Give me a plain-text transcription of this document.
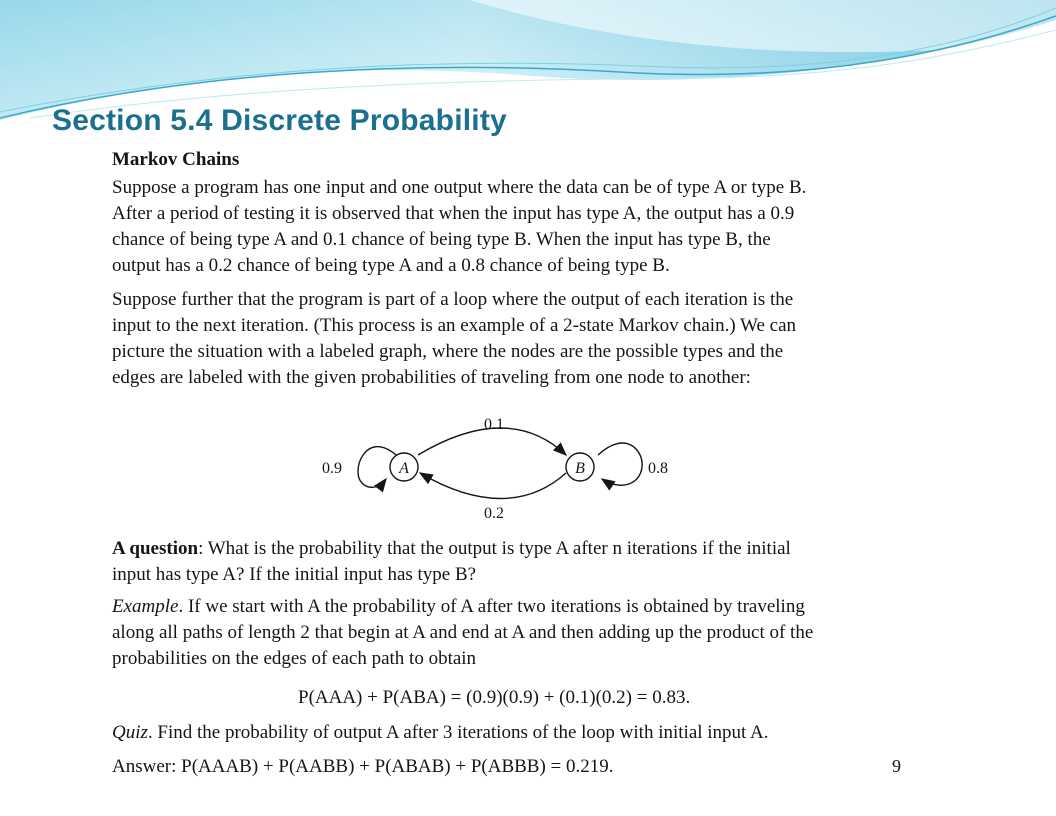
Section 5.4 Discrete Probability
Markov Chains
Suppose a program has one input and one output where the data can be of type A or type B.
After a period of testing it is observed that when the input has type A, the output has a 0.9
chance of being type A and 0.1 chance of being type B. When the input has type B, the
output has a 0.2 chance of being type A and a 0.8 chance of being type B.
Suppose further that the program is part of a loop where the output of each iteration is the
input to the next iteration. (This process is an example of a 2-state Markov chain.) We can
picture the situation with a labeled graph, where the nodes are the possible types and the
edges are labeled with the given probabilities of traveling from one node to another:
A	B
0.1
0.2
0.9	0.8
A question: What is the probability that the output is type A after n iterations if the initial
input has type A? If the initial input has type B?
Example. If we start with A the probability of A after two iterations is obtained by traveling
along all paths of length 2 that begin at A and end at A and then adding up the product of the
probabilities on the edges of each path to obtain
P(AAA) + P(ABA) = (0.9)(0.9) + (0.1)(0.2) = 0.83.
Quiz. Find the probability of output A after 3 iterations of the loop with initial input A.
Answer: P(AAAB) + P(AABB) + P(ABAB) + P(ABBB) = 0.219.	9
